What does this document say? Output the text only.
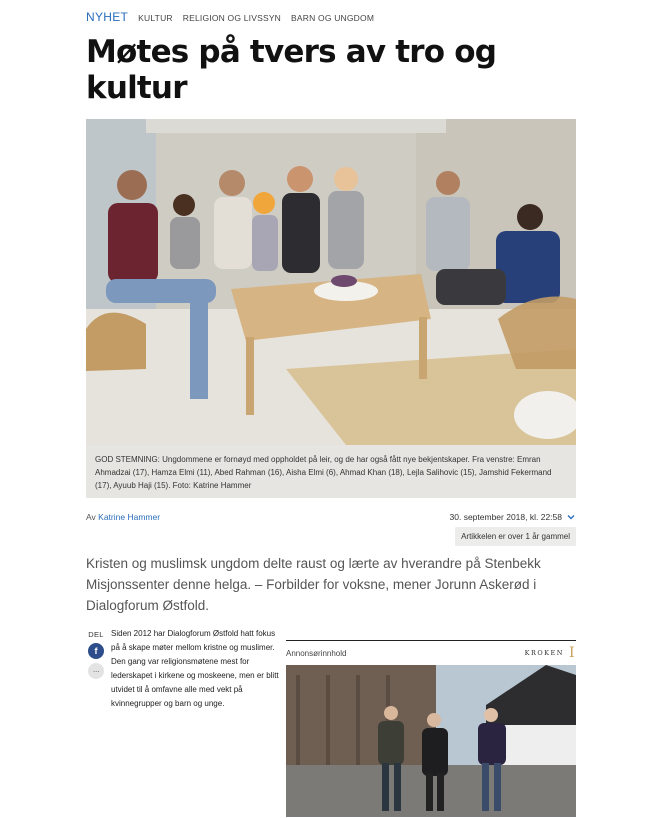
NYHET KULTUR RELIGION OG LIVSSYN BARN OG UNGDOM
Møtes på tvers av tro og kultur
GOD STEMNING: Ungdommene er fornøyd med oppholdet på leir, og de har også fått nye bekjentskaper. Fra venstre: Emran Ahmadzai (17), Hamza Elmi (11), Abed Rahman (16), Aisha Elmi (6), Ahmad Khan (18), Lejla Salihovic (15), Jamshid Fekermand (17), Ayuub Haji (15). Foto: Katrine Hammer
Av Katrine Hammer	30. september 2018, kl. 22:58
Artikkelen er over 1 år gammel

Kristen og muslimsk ungdom delte raust og lærte av hverandre på Stenbekk Misjonssenter denne helga. – Forbilder for voksne, mener Jorunn Askerød i Dialogforum Østfold.

DEL
f
···

Siden 2012 har Dialogforum Østfold hatt fokus på å skape møter mellom kristne og muslimer. Den gang var religionsmøtene mest for lederskapet i kirkene og moskeene, men er blitt utvidet til å omfavne alle med vekt på kvinnegrupper og barn og unge.

Annonsørinnhold	KROKEN I
